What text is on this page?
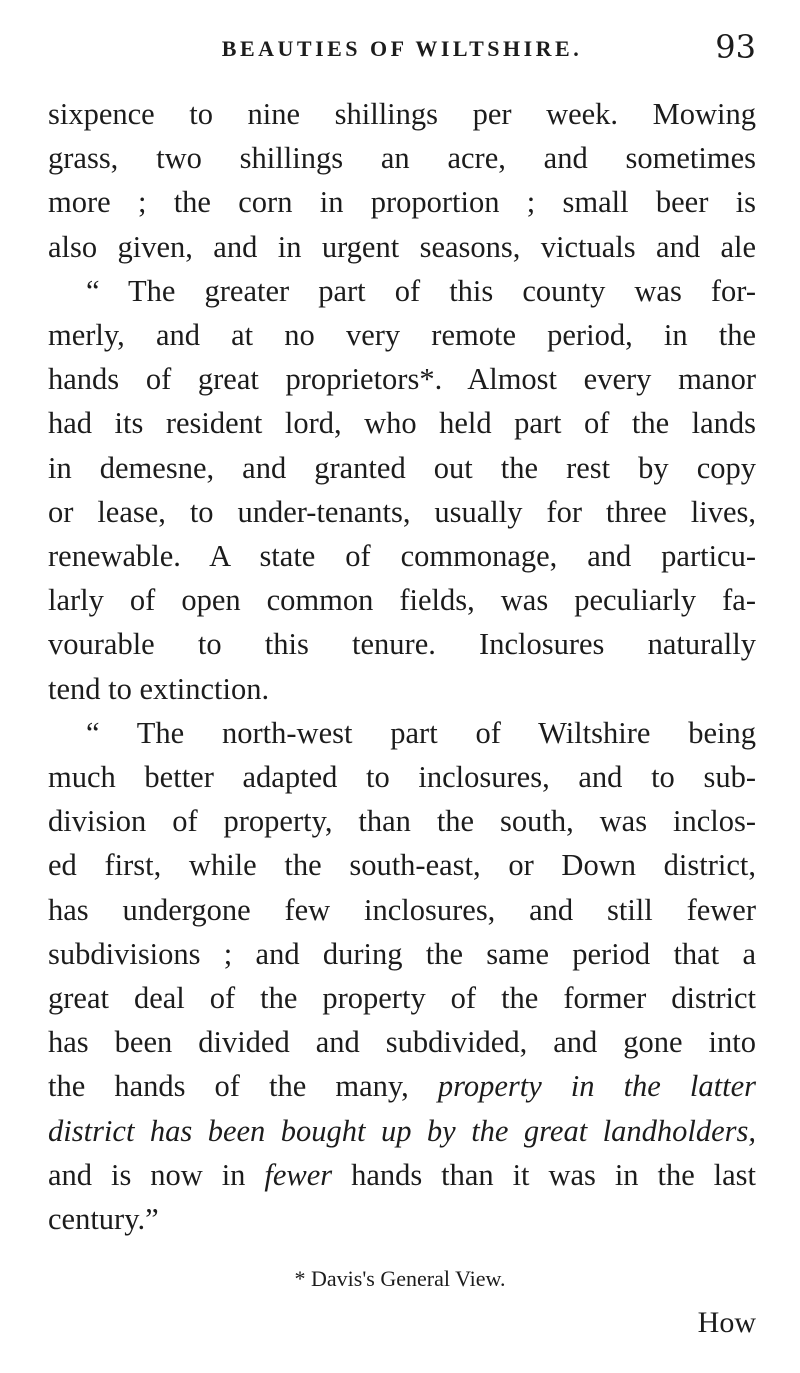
BEAUTIES OF WILTSHIRE.	93
sixpence to nine shillings per week. Mowing
grass, two shillings an acre, and sometimes
more ; the corn in proportion ; small beer is
also given, and in urgent seasons, victuals and ale
“ The greater part of this county was for-
merly, and at no very remote period, in the
hands of great proprietors*. Almost every manor
had its resident lord, who held part of the lands
in demesne, and granted out the rest by copy
or lease, to under-tenants, usually for three lives,
renewable. A state of commonage, and particu-
larly of open common fields, was peculiarly fa-
vourable to this tenure. Inclosures naturally
tend to extinction.
“ The north-west part of Wiltshire being
much better adapted to inclosures, and to sub-
division of property, than the south, was inclos-
ed first, while the south-east, or Down district,
has undergone few inclosures, and still fewer
subdivisions ; and during the same period that a
great deal of the property of the former district
has been divided and subdivided, and gone into
the hands of the many, property in the latter
district has been bought up by the great landholders,
and is now in fewer hands than it was in the last
century.”
* Davis's General View.
How
